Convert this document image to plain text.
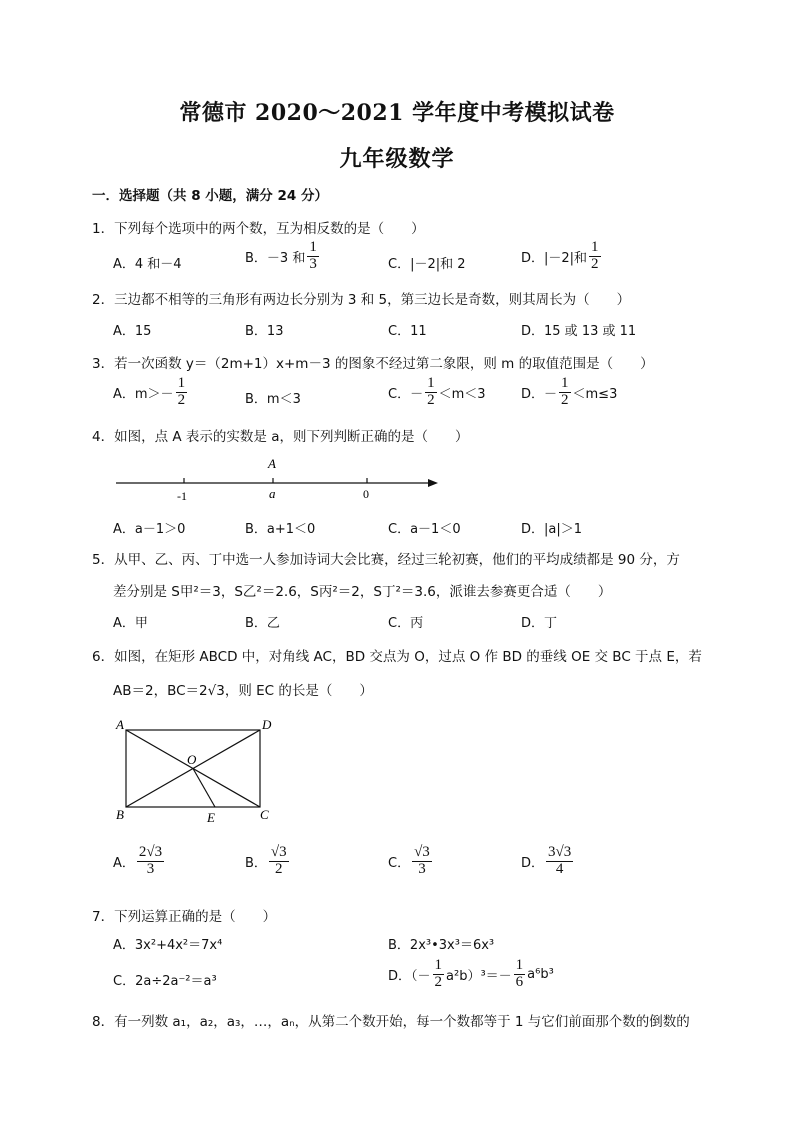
常德市 2020～2021 学年度中考模拟试卷
九年级数学
一．选择题（共 8 小题，满分 24 分）
1．下列每个选项中的两个数，互为相反数的是（　　）
A．4 和－4	B．－3 和 $\frac{1}{3}$	C．|－2|和 2	D．|－2|和 $\frac{1}{2}$
2．三边都不相等的三角形有两边长分别为 3 和 5，第三边长是奇数，则其周长为（　　）
A．15	B．13	C．11	D．15 或 13 或 11
3．若一次函数 y＝（2m+1）x+m－3 的图象不经过第二象限，则 m 的取值范围是（　　）
A．$m>- \frac{1}{2}$	B．m＜3	C．－ $\frac{1}{2} <m<3$	D．－ $\frac{1}{2} <m\le 3$
4．如图，点 A 表示的实数是 a，则下列判断正确的是（　　）
A
a
-1	0
A．a－1＞0	B．a+1＜0	C．a－1＜0	D．|a|＞1
5．从甲、乙、丙、丁中选一人参加诗词大会比赛，经过三轮初赛，他们的平均成绩都是 90 分，方
差分别是 S甲²＝3，S乙²＝2.6，S丙²＝2，S丁²＝3.6，派谁去参赛更合适（　　）
A．甲	B．乙	C．丙	D．丁
6．如图，在矩形 ABCD 中，对角线 AC，BD 交点为 O，过点 O 作 BD 的垂线 OE 交 BC 于点 E，若
AB＝2，BC＝2√3，则 EC 的长是（　　）
A	D
B	C
O
E
A． $\frac{2√3}{3}$	B． $\frac{√3}{2}$	C． $\frac{√3}{3}$	D． $\frac{3√3}{4}$
7．下列运算正确的是（　　）
A．3x²+4x²＝7x⁴	B．2x³•3x³＝6x³
C．2a÷2a⁻²＝a³	D．（－ $\frac{1}{2} a^2b)^3=- \frac{1}{6} a^6b^3$
8．有一列数 a₁，a₂，a₃，…，aₙ，从第二个数开始，每一个数都等于 1 与它们前面那个数的倒数的
